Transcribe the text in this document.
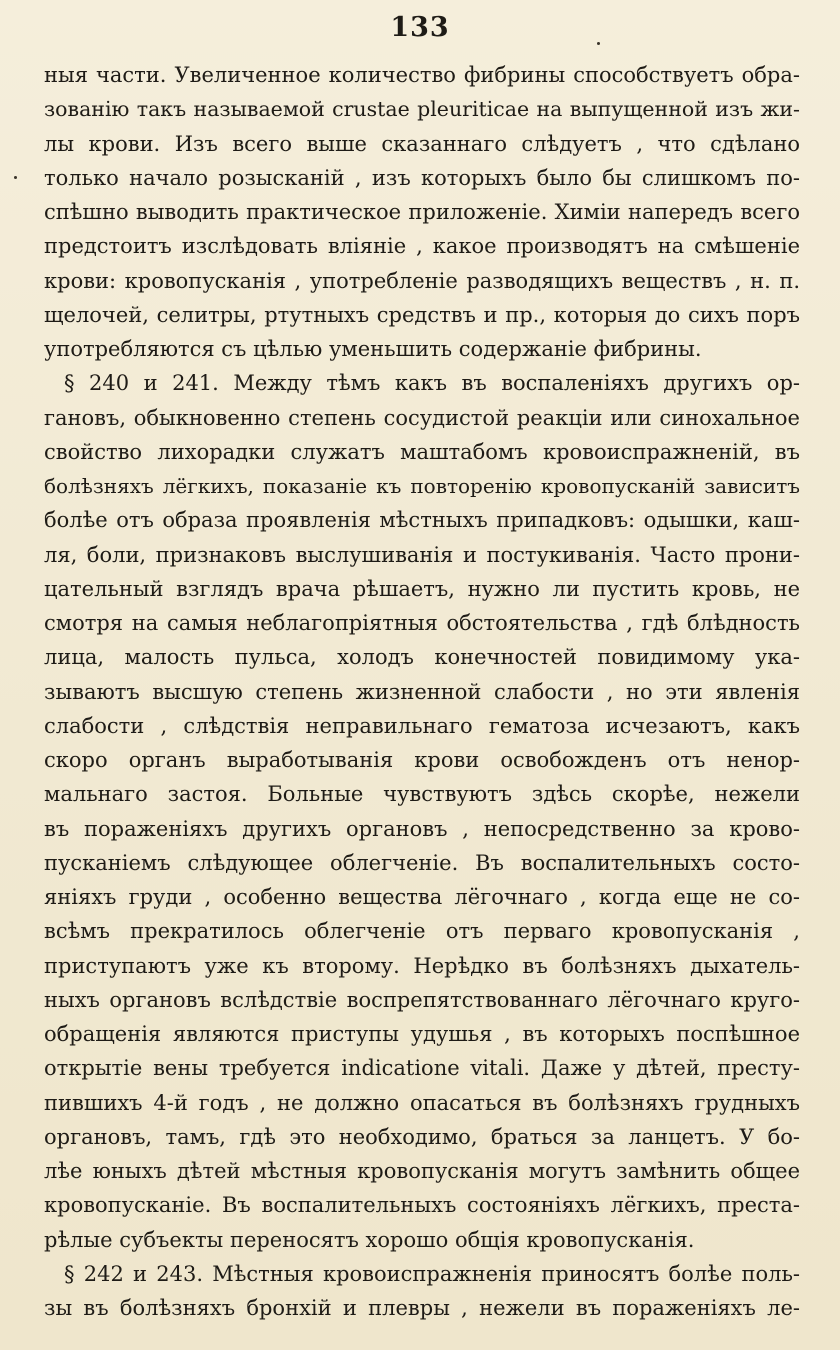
133
ныя части. Увеличенное количество фибрины способствуетъ обра-
зованію такъ называемой crustae pleuriticae на выпущенной изъ жи-
лы крови. Изъ всего выше сказаннаго слѣдуетъ , что сдѣлано
только начало розысканій , изъ которыхъ было бы слишкомъ по-
спѣшно выводить практическое приложеніе. Химіи напередъ всего
предстоитъ изслѣдовать вліяніе , какое производятъ на смѣшеніе
крови: кровопусканія , употребленіе разводящихъ веществъ , н. п.
щелочей, селитры, ртутныхъ средствъ и пр., которыя до сихъ поръ
употребляются съ цѣлью уменьшить содержаніе фибрины.
§ 240 и 241. Между тѣмъ какъ въ воспаленіяхъ другихъ ор-
гановъ, обыкновенно степень сосудистой реакціи или синохальное
свойство лихорадки служатъ маштабомъ кровоиспражненій, въ
болѣзняхъ лёгкихъ, показаніе къ повторенію кровопусканій зависитъ
болѣе отъ образа проявленія мѣстныхъ припадковъ: одышки, каш-
ля, боли, признаковъ выслушиванія и постукиванія. Часто прони-
цательный взглядъ врача рѣшаетъ, нужно ли пустить кровь, не
смотря на самыя неблагопріятныя обстоятельства , гдѣ блѣдность
лица, малость пульса, холодъ конечностей повидимому ука-
зываютъ высшую степень жизненной слабости , но эти явленія
слабости , слѣдствія неправильнаго гематоза исчезаютъ, какъ
скоро органъ выработыванія крови освобожденъ отъ ненор-
мальнаго застоя. Больные чувствуютъ здѣсь скорѣе, нежели
въ пораженіяхъ другихъ органовъ , непосредственно за крово-
пусканіемъ слѣдующее облегченіе. Въ воспалительныхъ состо-
яніяхъ груди , особенно вещества лёгочнаго , когда еще не со-
всѣмъ прекратилось облегченіе отъ перваго кровопусканія ,
приступаютъ уже къ второму. Нерѣдко въ болѣзняхъ дыхатель-
ныхъ органовъ вслѣдствіе воспрепятствованнаго лёгочнаго круго-
обращенія являются приступы удушья , въ которыхъ поспѣшное
открытіе вены требуется indicatione vitali. Даже у дѣтей, престу-
пившихъ 4-й годъ , не должно опасаться въ болѣзняхъ грудныхъ
органовъ, тамъ, гдѣ это необходимо, браться за ланцетъ. У бо-
лѣе юныхъ дѣтей мѣстныя кровопусканія могутъ замѣнить общее
кровопусканіе. Въ воспалительныхъ состояніяхъ лёгкихъ, преста-
рѣлые субъекты переносятъ хорошо общія кровопусканія.
§ 242 и 243. Мѣстныя кровоиспражненія приносятъ болѣе поль-
зы въ болѣзняхъ бронхій и плевры , нежели въ пораженіяхъ ле-
